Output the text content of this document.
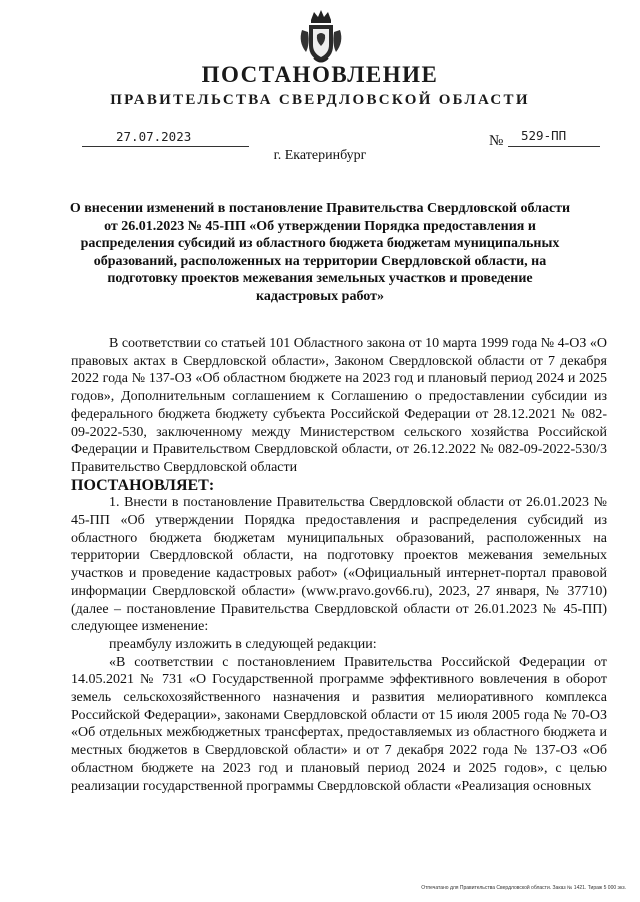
ПОСТАНОВЛЕНИЕ
ПРАВИТЕЛЬСТВА СВЕРДЛОВСКОЙ ОБЛАСТИ
27.07.2023	№ 529-ПП
г. Екатеринбург
О внесении изменений в постановление Правительства Свердловской области от 26.01.2023 № 45-ПП «Об утверждении Порядка предоставления и распределения субсидий из областного бюджета бюджетам муниципальных образований, расположенных на территории Свердловской области, на подготовку проектов межевания земельных участков и проведение кадастровых работ»

В соответствии со статьей 101 Областного закона от 10 марта 1999 года № 4-ОЗ «О правовых актах в Свердловской области», Законом Свердловской области от 7 декабря 2022 года № 137-ОЗ «Об областном бюджете на 2023 год и плановый период 2024 и 2025 годов», Дополнительным соглашением к Соглашению о предоставлении субсидии из федерального бюджета бюджету субъекта Российской Федерации от 28.12.2021 № 082-09-2022-530, заключенному между Министерством сельского хозяйства Российской Федерации и Правительством Свердловской области, от 26.12.2022 № 082-09-2022-530/3 Правительство Свердловской области

ПОСТАНОВЛЯЕТ:

1. Внести в постановление Правительства Свердловской области от 26.01.2023 № 45-ПП «Об утверждении Порядка предоставления и распределения субсидий из областного бюджета бюджетам муниципальных образований, расположенных на территории Свердловской области, на подготовку проектов межевания земельных участков и проведение кадастровых работ» («Официальный интернет-портал правовой информации Свердловской области» (www.pravo.gov66.ru), 2023, 27 января, № 37710) (далее – постановление Правительства Свердловской области от 26.01.2023 № 45-ПП) следующее изменение:

преамбулу изложить в следующей редакции:

«В соответствии с постановлением Правительства Российской Федерации от 14.05.2021 № 731 «О Государственной программе эффективного вовлечения в оборот земель сельскохозяйственного назначения и развития мелиоративного комплекса Российской Федерации», законами Свердловской области от 15 июля 2005 года № 70-ОЗ «Об отдельных межбюджетных трансфертах, предоставляемых из областного бюджета и местных бюджетов в Свердловской области» и от 7 декабря 2022 года № 137-ОЗ «Об областном бюджете на 2023 год и плановый период 2024 и 2025 годов», с целью реализации государственной программы Свердловской области «Реализация основных

Отпечатано для Правительства Свердловской области. Заказ № 1421. Тираж 5 000 экз.
